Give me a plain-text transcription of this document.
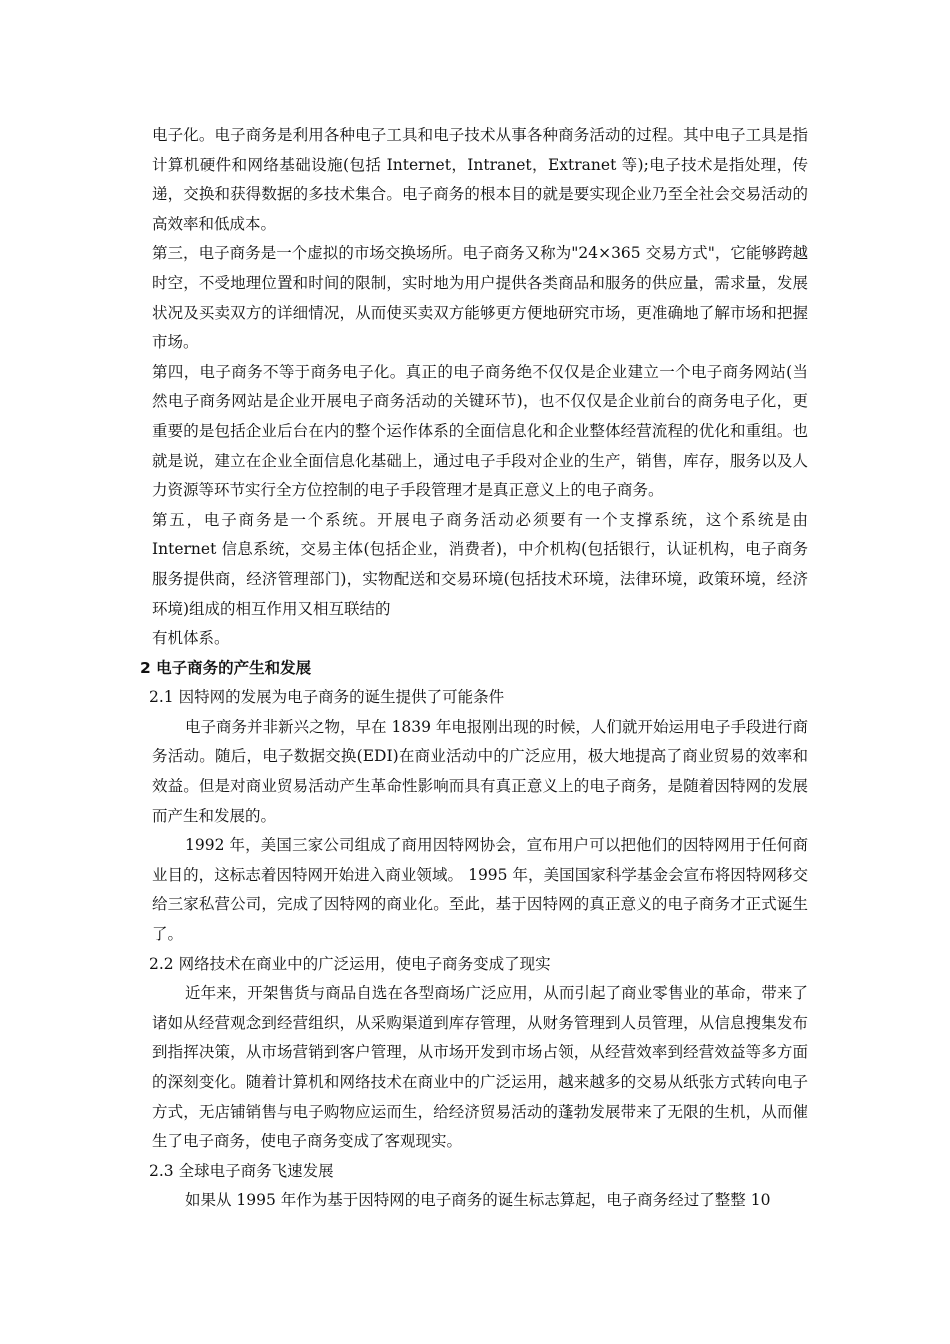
电子化。电子商务是利用各种电子工具和电子技术从事各种商务活动的过程。其中电子工具是指计算机硬件和网络基础设施(包括 Internet，Intranet，Extranet 等);电子技术是指处理，传递，交换和获得数据的多技术集合。电子商务的根本目的就是要实现企业乃至全社会交易活动的高效率和低成本。

第三，电子商务是一个虚拟的市场交换场所。电子商务又称为"24×365 交易方式"，它能够跨越时空，不受地理位置和时间的限制，实时地为用户提供各类商品和服务的供应量，需求量，发展状况及买卖双方的详细情况，从而使买卖双方能够更方便地研究市场，更准确地了解市场和把握市场。

第四，电子商务不等于商务电子化。真正的电子商务绝不仅仅是企业建立一个电子商务网站(当然电子商务网站是企业开展电子商务活动的关键环节)，也不仅仅是企业前台的商务电子化，更重要的是包括企业后台在内的整个运作体系的全面信息化和企业整体经营流程的优化和重组。也就是说，建立在企业全面信息化基础上，通过电子手段对企业的生产，销售，库存，服务以及人力资源等环节实行全方位控制的电子手段管理才是真正意义上的电子商务。

第五，电子商务是一个系统。开展电子商务活动必须要有一个支撑系统，这个系统是由 Internet 信息系统，交易主体(包括企业，消费者)，中介机构(包括银行，认证机构，电子商务服务提供商，经济管理部门)，实物配送和交易环境(包括技术环境，法律环境，政策环境，经济环境)组成的相互作用又相互联结的

有机体系。

2 电子商务的产生和发展

2.1 因特网的发展为电子商务的诞生提供了可能条件

电子商务并非新兴之物，早在 1839 年电报刚出现的时候，人们就开始运用电子手段进行商务活动。随后，电子数据交换(EDI)在商业活动中的广泛应用，极大地提高了商业贸易的效率和效益。但是对商业贸易活动产生革命性影响而具有真正意义上的电子商务，是随着因特网的发展而产生和发展的。

1992 年，美国三家公司组成了商用因特网协会，宣布用户可以把他们的因特网用于任何商业目的，这标志着因特网开始进入商业领域。 1995 年，美国国家科学基金会宣布将因特网移交给三家私营公司，完成了因特网的商业化。至此，基于因特网的真正意义的电子商务才正式诞生了。

2.2 网络技术在商业中的广泛运用，使电子商务变成了现实

近年来，开架售货与商品自选在各型商场广泛应用，从而引起了商业零售业的革命，带来了诸如从经营观念到经营组织，从采购渠道到库存管理，从财务管理到人员管理，从信息搜集发布到指挥决策，从市场营销到客户管理，从市场开发到市场占领，从经营效率到经营效益等多方面的深刻变化。随着计算机和网络技术在商业中的广泛运用，越来越多的交易从纸张方式转向电子方式，无店铺销售与电子购物应运而生，给经济贸易活动的蓬勃发展带来了无限的生机，从而催生了电子商务，使电子商务变成了客观现实。

2.3 全球电子商务飞速发展

如果从 1995 年作为基于因特网的电子商务的诞生标志算起，电子商务经过了整整 10
